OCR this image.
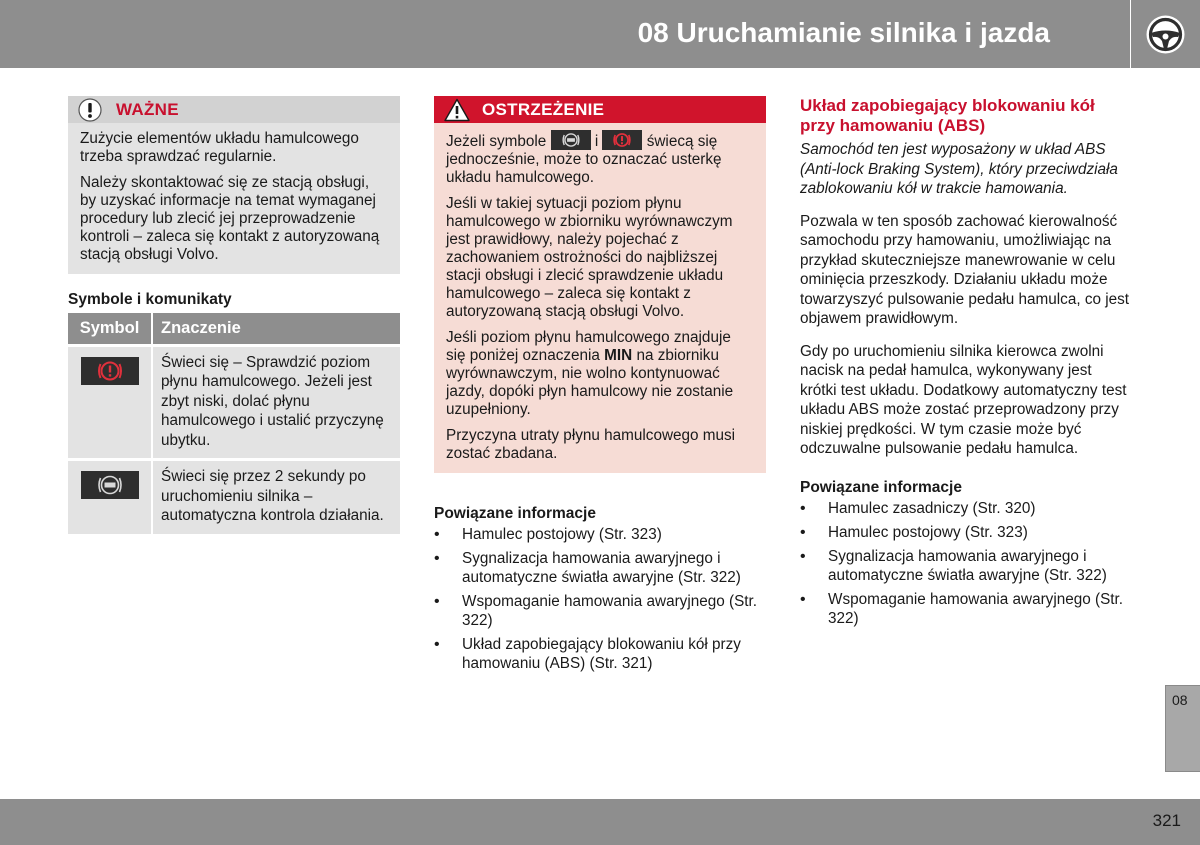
08 Uruchamianie silnika i jazda
WAŻNE

Zużycie elementów układu hamulcowego trzeba sprawdzać regularnie.

Należy skontaktować się ze stacją obsługi, by uzyskać informacje na temat wymaganej procedury lub zlecić jej przeprowadzenie kontroli – zaleca się kontakt z autoryzowaną stacją obsługi Volvo.

Symbole i komunikaty
Symbol	Znaczenie

	Świeci się – Sprawdzić poziom płynu hamulcowego. Jeżeli jest zbyt niski, dolać płynu hamulcowego i ustalić przyczynę ubytku.

	Świeci się przez 2 sekundy po uruchomieniu silnika – automatyczna kontrola działania.
OSTRZEŻENIE

Jeżeli symbole	i	świecą się jednocześnie, może to oznaczać usterkę układu hamulcowego.

Jeśli w takiej sytuacji poziom płynu hamulcowego w zbiorniku wyrównawczym jest prawidłowy, należy pojechać z zachowaniem ostrożności do najbliższej stacji obsługi i zlecić sprawdzenie układu hamulcowego – zaleca się kontakt z autoryzowaną stacją obsługi Volvo.

Jeśli poziom płynu hamulcowego znajduje się poniżej oznaczenia MIN na zbiorniku wyrównawczym, nie wolno kontynuować jazdy, dopóki płyn hamulcowy nie zostanie uzupełniony.

Przyczyna utraty płynu hamulcowego musi zostać zbadana.

Powiązane informacje
• Hamulec postojowy (Str. 323)
• Sygnalizacja hamowania awaryjnego i automatyczne światła awaryjne (Str. 322)
• Wspomaganie hamowania awaryjnego (Str. 322)
• Układ zapobiegający blokowaniu kół przy hamowaniu (ABS) (Str. 321)
Układ zapobiegający blokowaniu kół przy hamowaniu (ABS)

Samochód ten jest wyposażony w układ ABS (Anti-lock Braking System), który przeciwdziała zablokowaniu kół w trakcie hamowania.

Pozwala w ten sposób zachować kierowalność samochodu przy hamowaniu, umożliwiając na przykład skuteczniejsze manewrowanie w celu ominięcia przeszkody. Działaniu układu może towarzyszyć pulsowanie pedału hamulca, co jest objawem prawidłowym.

Gdy po uruchomieniu silnika kierowca zwolni nacisk na pedał hamulca, wykonywany jest krótki test układu. Dodatkowy automatyczny test układu ABS może zostać przeprowadzony przy niskiej prędkości. W tym czasie może być odczuwalne pulsowanie pedału hamulca.

Powiązane informacje
• Hamulec zasadniczy (Str. 320)
• Hamulec postojowy (Str. 323)
• Sygnalizacja hamowania awaryjnego i automatyczne światła awaryjne (Str. 322)
• Wspomaganie hamowania awaryjnego (Str. 322)
08
321
